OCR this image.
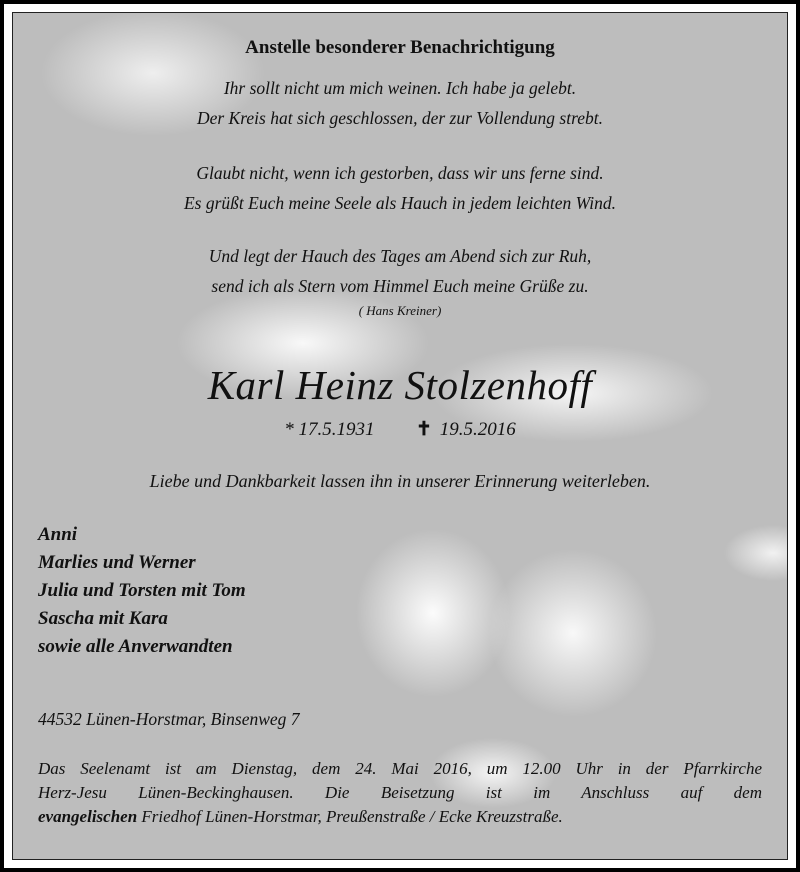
Anstelle besonderer Benachrichtigung
Ihr sollt nicht um mich weinen. Ich habe ja gelebt.
Der Kreis hat sich geschlossen, der zur Vollendung strebt.
Glaubt nicht, wenn ich gestorben, dass wir uns ferne sind.
Es grüßt Euch meine Seele als Hauch in jedem leichten Wind.
Und legt der Hauch des Tages am Abend sich zur Ruh,
send ich als Stern vom Himmel Euch meine Grüße zu.
( Hans Kreiner)
Karl Heinz Stolzenhoff
* 17.5.1931 ✝ 19.5.2016
Liebe und Dankbarkeit lassen ihn in unserer Erinnerung weiterleben.
Anni
Marlies und Werner
Julia und Torsten mit Tom
Sascha mit Kara
sowie alle Anverwandten
44532 Lünen-Horstmar, Binsenweg 7
Das Seelenamt ist am Dienstag, dem 24. Mai 2016, um 12.00 Uhr in der Pfarrkirche
Herz-Jesu Lünen-Beckinghausen. Die Beisetzung ist im Anschluss auf dem
evangelischen Friedhof Lünen-Horstmar, Preußenstraße / Ecke Kreuzstraße.
